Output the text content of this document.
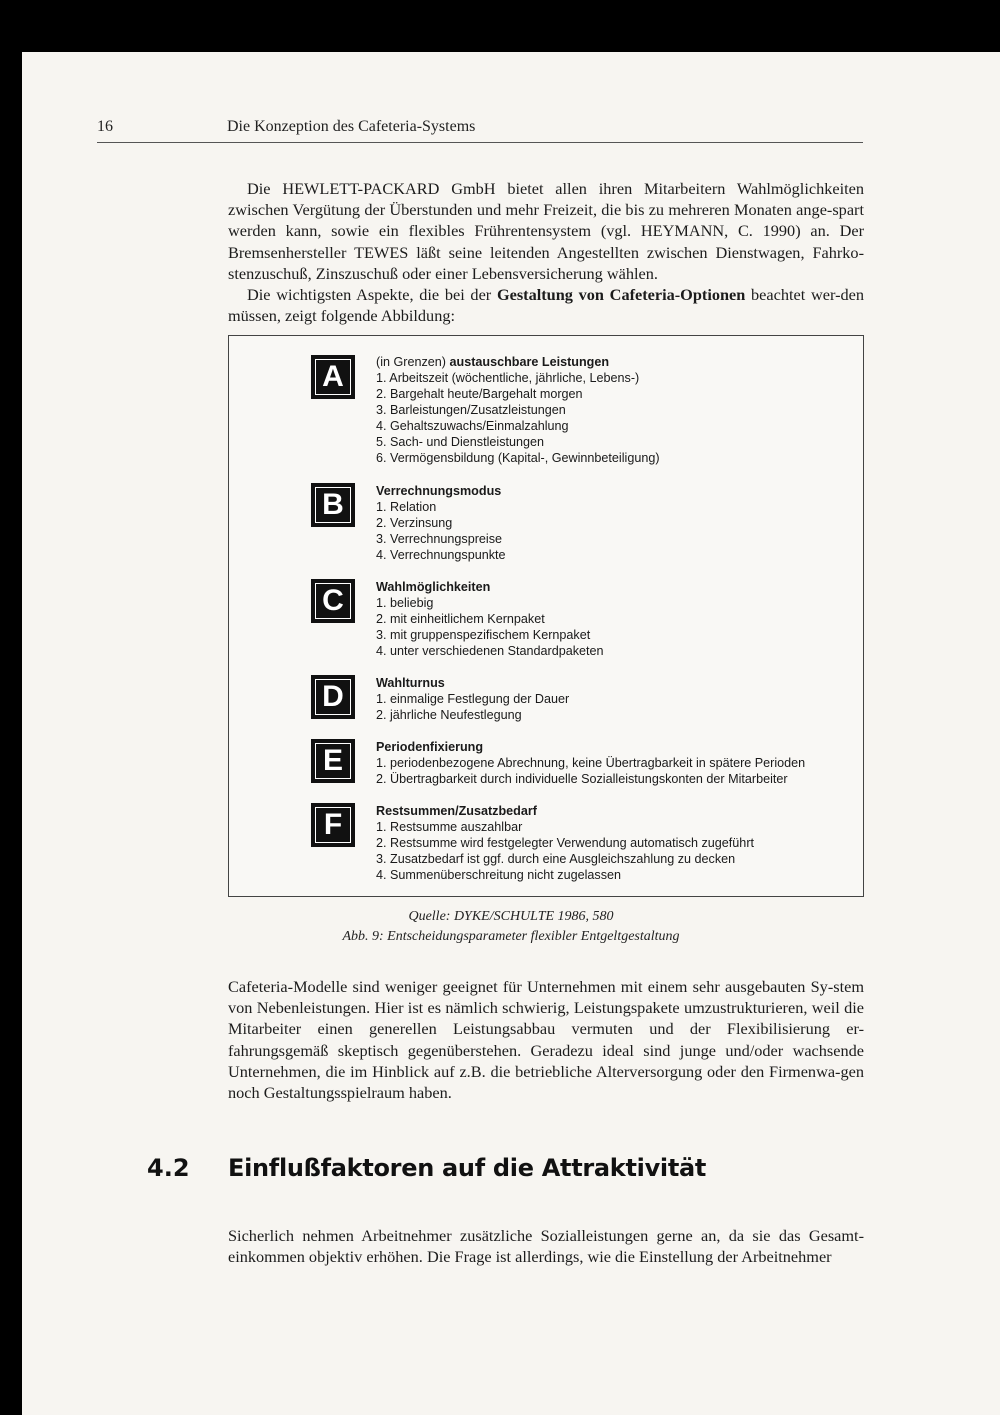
16	Die Konzeption des Cafeteria-Systems
Die HEWLETT-PACKARD GmbH bietet allen ihren Mitarbeitern Wahlmöglichkeiten zwischen Vergütung der Überstunden und mehr Freizeit, die bis zu mehreren Monaten ange-spart werden kann, sowie ein flexibles Frührentensystem (vgl. HEYMANN, C. 1990) an. Der Bremsenhersteller TEWES läßt seine leitenden Angestellten zwischen Dienstwagen, Fahrko-stenzuschuß, Zinszuschuß oder einer Lebensversicherung wählen.
Die wichtigsten Aspekte, die bei der Gestaltung von Cafeteria-Optionen beachtet wer-den müssen, zeigt folgende Abbildung:
A	(in Grenzen) austauschbare Leistungen
1. Arbeitszeit (wöchentliche, jährliche, Lebens-)
2. Bargehalt heute/Bargehalt morgen
3. Barleistungen/Zusatzleistungen
4. Gehaltszuwachs/Einmalzahlung
5. Sach- und Dienstleistungen
6. Vermögensbildung (Kapital-, Gewinnbeteiligung)
B	Verrechnungsmodus
1. Relation
2. Verzinsung
3. Verrechnungspreise
4. Verrechnungspunkte
C	Wahlmöglichkeiten
1. beliebig
2. mit einheitlichem Kernpaket
3. mit gruppenspezifischem Kernpaket
4. unter verschiedenen Standardpaketen
D	Wahlturnus
1. einmalige Festlegung der Dauer
2. jährliche Neufestlegung
E	Periodenfixierung
1. periodenbezogene Abrechnung, keine Übertragbarkeit in spätere Perioden
2. Übertragbarkeit durch individuelle Sozialleistungskonten der Mitarbeiter
F	Restsummen/Zusatzbedarf
1. Restsumme auszahlbar
2. Restsumme wird festgelegter Verwendung automatisch zugeführt
3. Zusatzbedarf ist ggf. durch eine Ausgleichszahlung zu decken
4. Summenüberschreitung nicht zugelassen
Quelle: DYKE/SCHULTE 1986, 580
Abb. 9: Entscheidungsparameter flexibler Entgeltgestaltung
Cafeteria-Modelle sind weniger geeignet für Unternehmen mit einem sehr ausgebauten Sy-stem von Nebenleistungen. Hier ist es nämlich schwierig, Leistungspakete umzustrukturieren, weil die Mitarbeiter einen generellen Leistungsabbau vermuten und der Flexibilisierung er-fahrungsgemäß skeptisch gegenüberstehen. Geradezu ideal sind junge und/oder wachsende Unternehmen, die im Hinblick auf z.B. die betriebliche Alterversorgung oder den Firmenwa-gen noch Gestaltungsspielraum haben.
4.2 Einflußfaktoren auf die Attraktivität
Sicherlich nehmen Arbeitnehmer zusätzliche Sozialleistungen gerne an, da sie das Gesamt-einkommen objektiv erhöhen. Die Frage ist allerdings, wie die Einstellung der Arbeitnehmer
